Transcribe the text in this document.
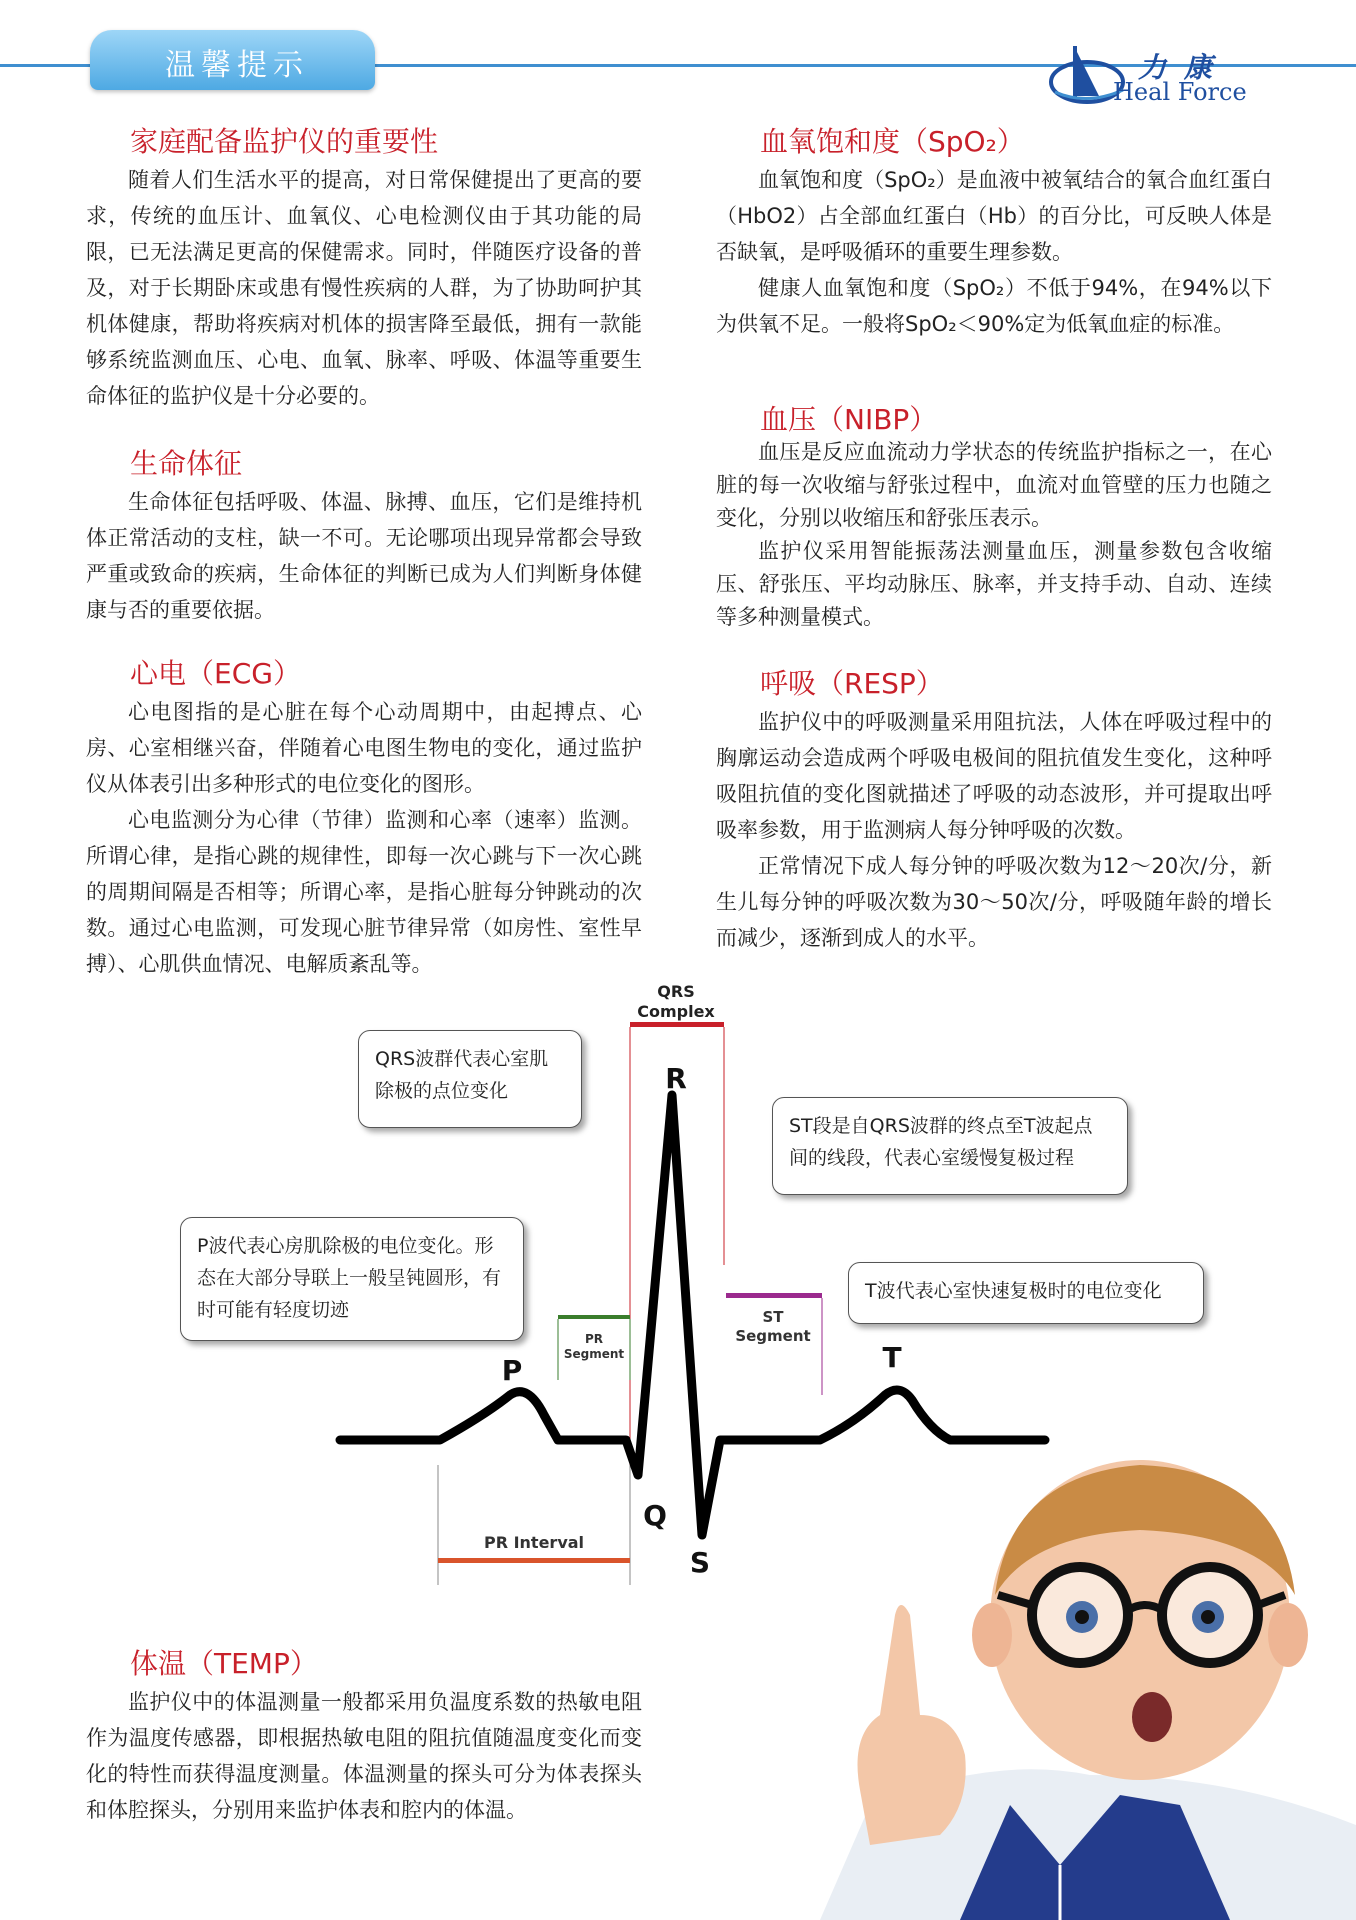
温馨提示	力康
Heal Force
家庭配备监护仪的重要性
随着人们生活水平的提高，对日常保健提出了更高的要求，传统的血压计、血氧仪、心电检测仪由于其功能的局限，已无法满足更高的保健需求。同时，伴随医疗设备的普及，对于长期卧床或患有慢性疾病的人群，为了协助呵护其机体健康，帮助将疾病对机体的损害降至最低，拥有一款能够系统监测血压、心电、血氧、脉率、呼吸、体温等重要生命体征的监护仪是十分必要的。
生命体征
生命体征包括呼吸、体温、脉搏、血压，它们是维持机体正常活动的支柱，缺一不可。无论哪项出现异常都会导致严重或致命的疾病，生命体征的判断已成为人们判断身体健康与否的重要依据。
心电（ECG）
心电图指的是心脏在每个心动周期中，由起搏点、心房、心室相继兴奋，伴随着心电图生物电的变化，通过监护仪从体表引出多种形式的电位变化的图形。
心电监测分为心律（节律）监测和心率（速率）监测。所谓心律，是指心跳的规律性，即每一次心跳与下一次心跳的周期间隔是否相等；所谓心率，是指心脏每分钟跳动的次数。通过心电监测，可发现心脏节律异常（如房性、室性早搏）、心肌供血情况、电解质紊乱等。
血氧饱和度（SpO₂）
血氧饱和度（SpO₂）是血液中被氧结合的氧合血红蛋白（HbO2）占全部血红蛋白（Hb）的百分比，可反映人体是否缺氧，是呼吸循环的重要生理参数。
健康人血氧饱和度（SpO₂）不低于94%，在94%以下为供氧不足。一般将SpO₂＜90%定为低氧血症的标准。
血压（NIBP）
血压是反应血流动力学状态的传统监护指标之一，在心脏的每一次收缩与舒张过程中，血流对血管壁的压力也随之变化，分别以收缩压和舒张压表示。
监护仪采用智能振荡法测量血压，测量参数包含收缩压、舒张压、平均动脉压、脉率，并支持手动、自动、连续等多种测量模式。
呼吸（RESP）
监护仪中的呼吸测量采用阻抗法，人体在呼吸过程中的胸廓运动会造成两个呼吸电极间的阻抗值发生变化，这种呼吸阻抗值的变化图就描述了呼吸的动态波形，并可提取出呼吸率参数，用于监测病人每分钟呼吸的次数。
正常情况下成人每分钟的呼吸次数为12～20次/分，新生儿每分钟的呼吸次数为30～50次/分，呼吸随年龄的增长而减少，逐渐到成人的水平。
QRS
Complex
PR
Segment
ST
Segment
PR Interval
R
P	T
Q
S
QRS波群代表心室肌除极的点位变化
ST段是自QRS波群的终点至T波起点间的线段，代表心室缓慢复极过程
P波代表心房肌除极的电位变化。形态在大部分导联上一般呈钝圆形，有时可能有轻度切迹
T波代表心室快速复极时的电位变化
体温（TEMP）
监护仪中的体温测量一般都采用负温度系数的热敏电阻作为温度传感器，即根据热敏电阻的阻抗值随温度变化而变化的特性而获得温度测量。体温测量的探头可分为体表探头和体腔探头，分别用来监护体表和腔内的体温。
